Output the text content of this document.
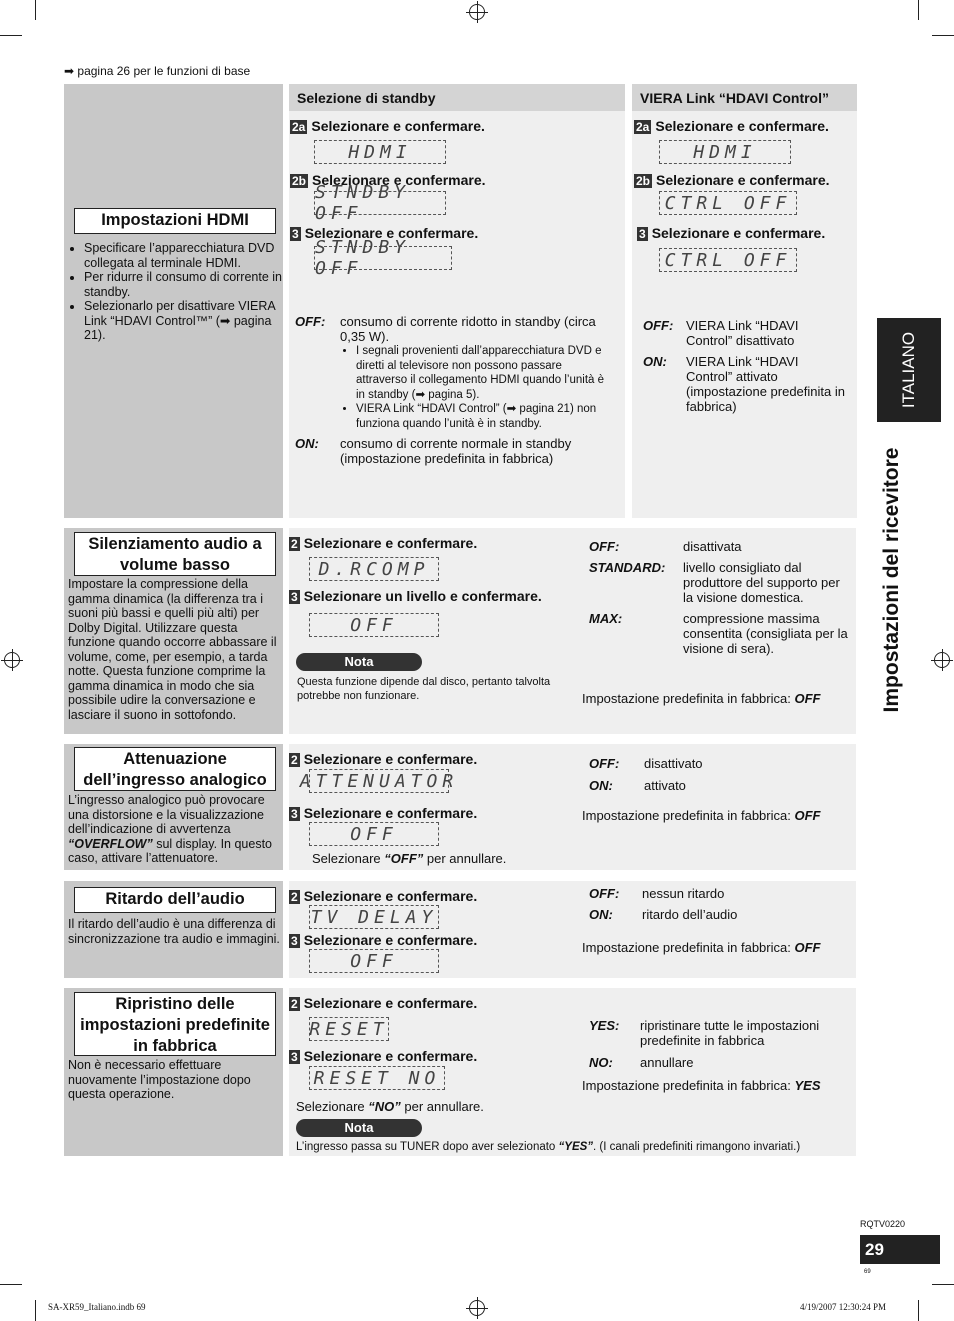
➡ pagina 26 per le funzioni di base
ITALIANO
Impostazioni del ricevitore
Impostazioni HDMI
• Specificare l’apparecchiatura DVD collegata al terminale HDMI.
• Per ridurre il consumo di corrente in standby.
• Selezionarlo per disattivare VIERA Link “HDAVI Control™” (➡ pagina 21).
Selezione di standby
2a Selezionare e confermare.
HDMI
2b Selezionare e confermare.
STNDBY OFF
3 Selezionare e confermare.
STNDBY OFF
OFF: consumo di corrente ridotto in standby (circa 0,35 W).
• I segnali provenienti dall’apparecchiatura DVD e diretti al televisore non possono passare attraverso il collegamento HDMI quando l’unità è in standby (➡ pagina 5).
• VIERA Link “HDAVI Control” (➡ pagina 21) non funziona quando l’unità è in standby.
ON: consumo di corrente normale in standby (impostazione predefinita in fabbrica)
VIERA Link “HDAVI Control”
2a Selezionare e confermare.
HDMI
2b Selezionare e confermare.
CTRL OFF
3 Selezionare e confermare.
CTRL OFF
OFF: VIERA Link “HDAVI Control” disattivato
ON: VIERA Link “HDAVI Control” attivato (impostazione predefinita in fabbrica)
Silenziamento audio a volume basso
Impostare la compressione della gamma dinamica (la differenza tra i suoni più bassi e quelli più alti) per Dolby Digital. Utilizzare questa funzione quando occorre abbassare il volume, come, per esempio, a tarda notte. Questa funzione comprime la gamma dinamica in modo che sia possibile udire la conversazione e lasciare il suono in sottofondo.
2 Selezionare e confermare.
D.RCOMP
3 Selezionare un livello e confermare.
OFF
Nota
Questa funzione dipende dal disco, pertanto talvolta potrebbe non funzionare.
OFF:	disattivata
STANDARD: livello consigliato dal produttore del supporto per la visione domestica.
MAX:	compressione massima consentita (consigliata per la visione di sera).
Impostazione predefinita in fabbrica: OFF
Attenuazione dell’ingresso analogico
L’ingresso analogico può provocare una distorsione e la visualizzazione dell’indicazione di avvertenza “OVERFLOW” sul display. In questo caso, attivare l’attenuatore.
2 Selezionare e confermare.
ATTENUATOR
3 Selezionare e confermare.
OFF
Selezionare “OFF” per annullare.
OFF: disattivato
ON: attivato
Impostazione predefinita in fabbrica: OFF
Ritardo dell’audio
Il ritardo dell’audio è una differenza di sincronizzazione tra audio e immagini.
2 Selezionare e confermare.
TV DELAY
3 Selezionare e confermare.
OFF
OFF: nessun ritardo
ON: ritardo dell’audio
Impostazione predefinita in fabbrica: OFF
Ripristino delle impostazioni predefinite in fabbrica
Non è necessario effettuare nuovamente l’impostazione dopo questa operazione.
2 Selezionare e confermare.
RESET
3 Selezionare e confermare.
RESET NO
Selezionare “NO” per annullare.
YES: ripristinare tutte le impostazioni predefinite in fabbrica
NO: annullare
Impostazione predefinita in fabbrica: YES
Nota
L’ingresso passa su TUNER dopo aver selezionato “YES”. (I canali predefiniti rimangono invariati.)
RQTV0220
29
69
SA-XR59_Italiano.indb 69	4/19/2007 12:30:24 PM
